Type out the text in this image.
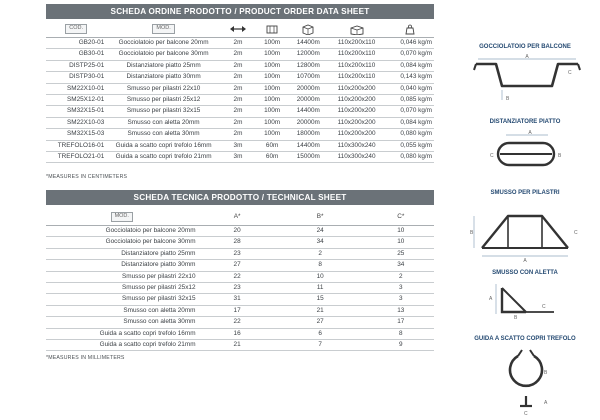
SCHEDA ORDINE PRODOTTO / PRODUCT ORDER DATA SHEET
COD.	MOD.					
GB20-01	Gocciolatoio per balcone 20mm	2m	100m	14400m	110x200x110	0,046 kg/m
GB30-01	Gocciolatoio per balcone 30mm	2m	100m	12000m	110x200x110	0,070 kg/m
DISTP25-01	Distanziatore piatto 25mm	2m	100m	12800m	110x200x110	0,084 kg/m
DISTP30-01	Distanziatore piatto 30mm	2m	100m	10700m	110x200x110	0,143 kg/m
SM22X10-01	Smusso per pilastri 22x10	2m	100m	20000m	110x200x200	0,040 kg/m
SM25X12-01	Smusso per pilastri 25x12	2m	100m	20000m	110x200x200	0,085 kg/m
SM32X15-01	Smusso per pilastri 32x15	2m	100m	14400m	110x200x200	0,070 kg/m
SM22X10-03	Smusso con aletta 20mm	2m	100m	20000m	110x200x200	0,084 kg/m
SM32X15-03	Smusso con aletta 30mm	2m	100m	18000m	110x200x200	0,080 kg/m
TREFOLO16-01	Guida a scatto copri trefolo 16mm	3m	60m	14400m	110x300x240	0,055 kg/m
TREFOLO21-01	Guida a scatto copri trefolo 21mm	3m	60m	15000m	110x300x240	0,080 kg/m
*MEASURES IN CENTIMETERS
SCHEDA TECNICA PRODOTTO / TECHNICAL SHEET
MOD.	A*	B*	C*
Gocciolatoio per balcone 20mm	20	24	10
Gocciolatoio per balcone 30mm	28	34	10
Distanziatore piatto 25mm	23	2	25
Distanziatore piatto 30mm	27	8	34
Smusso per pilastri 22x10	22	10	2
Smusso per pilastri 25x12	23	11	3
Smusso per pilastri 32x15	31	15	3
Smusso con aletta 20mm	17	21	13
Smusso con aletta 30mm	22	27	17
Guida a scatto copri trefolo 16mm	16	6	8
Guida a scatto copri trefolo 21mm	21	7	9
*MEASURES IN MILLIMETERS
GOCCIOLATOIO PER BALCONE
A
B
C
DISTANZIATORE PIATTO
A
C	B
SMUSSO PER PILASTRI
B
A
C
SMUSSO CON ALETTA
A
C
B
GUIDA A SCATTO COPRI TREFOLO
B
A
C
